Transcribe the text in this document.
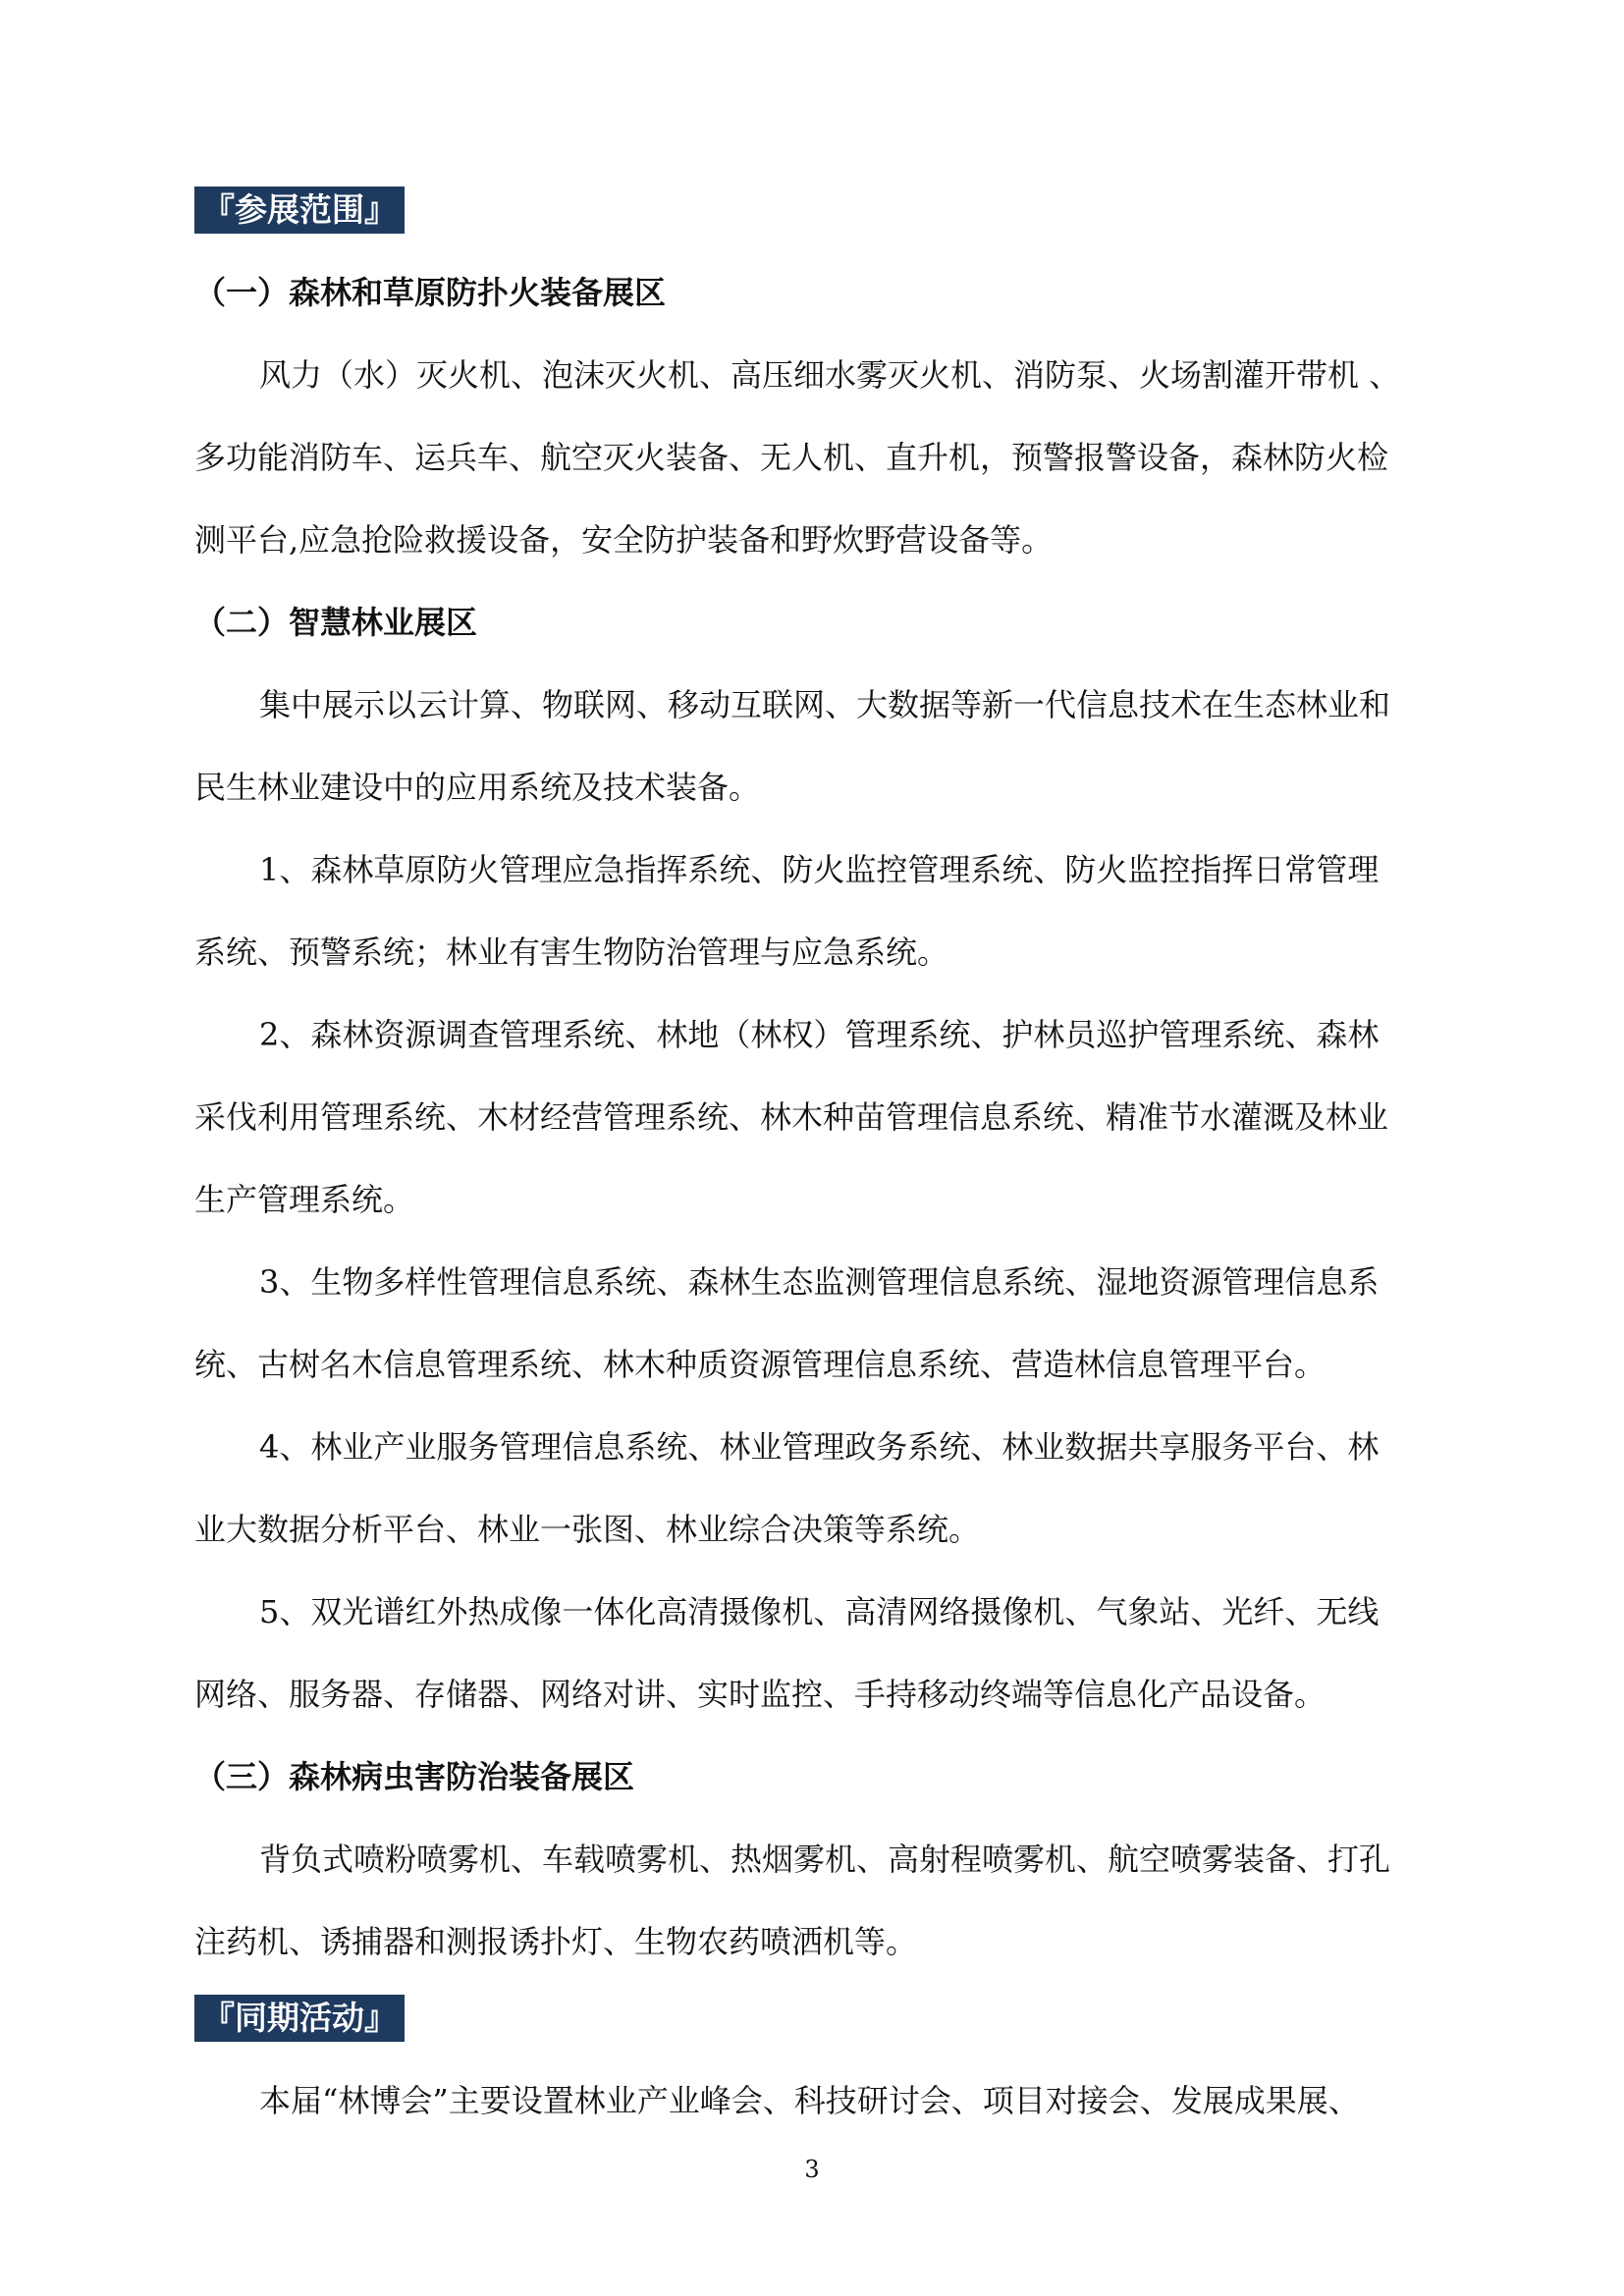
『参展范围』
（一）森林和草原防扑火装备展区
风力（水）灭火机、泡沫灭火机、高压细水雾灭火机、消防泵、火场割灌开带机 、
多功能消防车、运兵车、航空灭火装备、无人机、直升机，预警报警设备，森林防火检
测平台,应急抢险救援设备，安全防护装备和野炊野营设备等。
（二）智慧林业展区
集中展示以云计算、物联网、移动互联网、大数据等新一代信息技术在生态林业和
民生林业建设中的应用系统及技术装备。
1、森林草原防火管理应急指挥系统、防火监控管理系统、防火监控指挥日常管理
系统、预警系统；林业有害生物防治管理与应急系统。
2、森林资源调查管理系统、林地（林权）管理系统、护林员巡护管理系统、森林
采伐利用管理系统、木材经营管理系统、林木种苗管理信息系统、精准节水灌溉及林业
生产管理系统。
3、生物多样性管理信息系统、森林生态监测管理信息系统、湿地资源管理信息系
统、古树名木信息管理系统、林木种质资源管理信息系统、营造林信息管理平台。
4、林业产业服务管理信息系统、林业管理政务系统、林业数据共享服务平台、林
业大数据分析平台、林业一张图、林业综合决策等系统。
5、双光谱红外热成像一体化高清摄像机、高清网络摄像机、气象站、光纤、无线
网络、服务器、存储器、网络对讲、实时监控、手持移动终端等信息化产品设备。
（三）森林病虫害防治装备展区
背负式喷粉喷雾机、车载喷雾机、热烟雾机、高射程喷雾机、航空喷雾装备、打孔
注药机、诱捕器和测报诱扑灯、生物农药喷洒机等。
『同期活动』
本届“林博会”主要设置林业产业峰会、科技研讨会、项目对接会、发展成果展、
3
